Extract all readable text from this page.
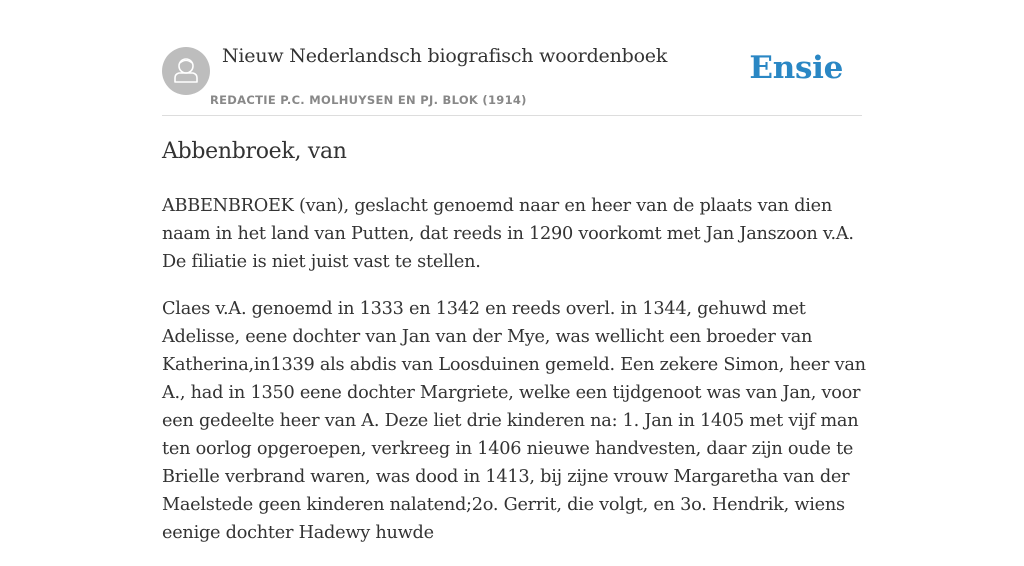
Nieuw Nederlandsch biografisch woordenboek
REDACTIE P.C. MOLHUYSEN EN PJ. BLOK (1914)
Ensie
Abbenbroek, van

ABBENBROEK (van), geslacht genoemd naar en heer van de plaats van dien naam in het land van Putten, dat reeds in 1290 voorkomt met Jan Janszoon v.A. De filiatie is niet juist vast te stellen.

Claes v.A. genoemd in 1333 en 1342 en reeds overl. in 1344, gehuwd met Adelisse, eene dochter van Jan van der Mye, was wellicht een broeder van Katherina,in1339 als abdis van Loosduinen gemeld. Een zekere Simon, heer van A., had in 1350 eene dochter Margriete, welke een tijdgenoot was van Jan, voor een gedeelte heer van A. Deze liet drie kinderen na: 1. Jan in 1405 met vijf man ten oorlog opgeroepen, verkreeg in 1406 nieuwe handvesten, daar zijn oude te Brielle verbrand waren, was dood in 1413, bij zijne vrouw Margaretha van der Maelstede geen kinderen nalatend;2o. Gerrit, die volgt, en 3o. Hendrik, wiens eenige dochter Hadewy huwde
